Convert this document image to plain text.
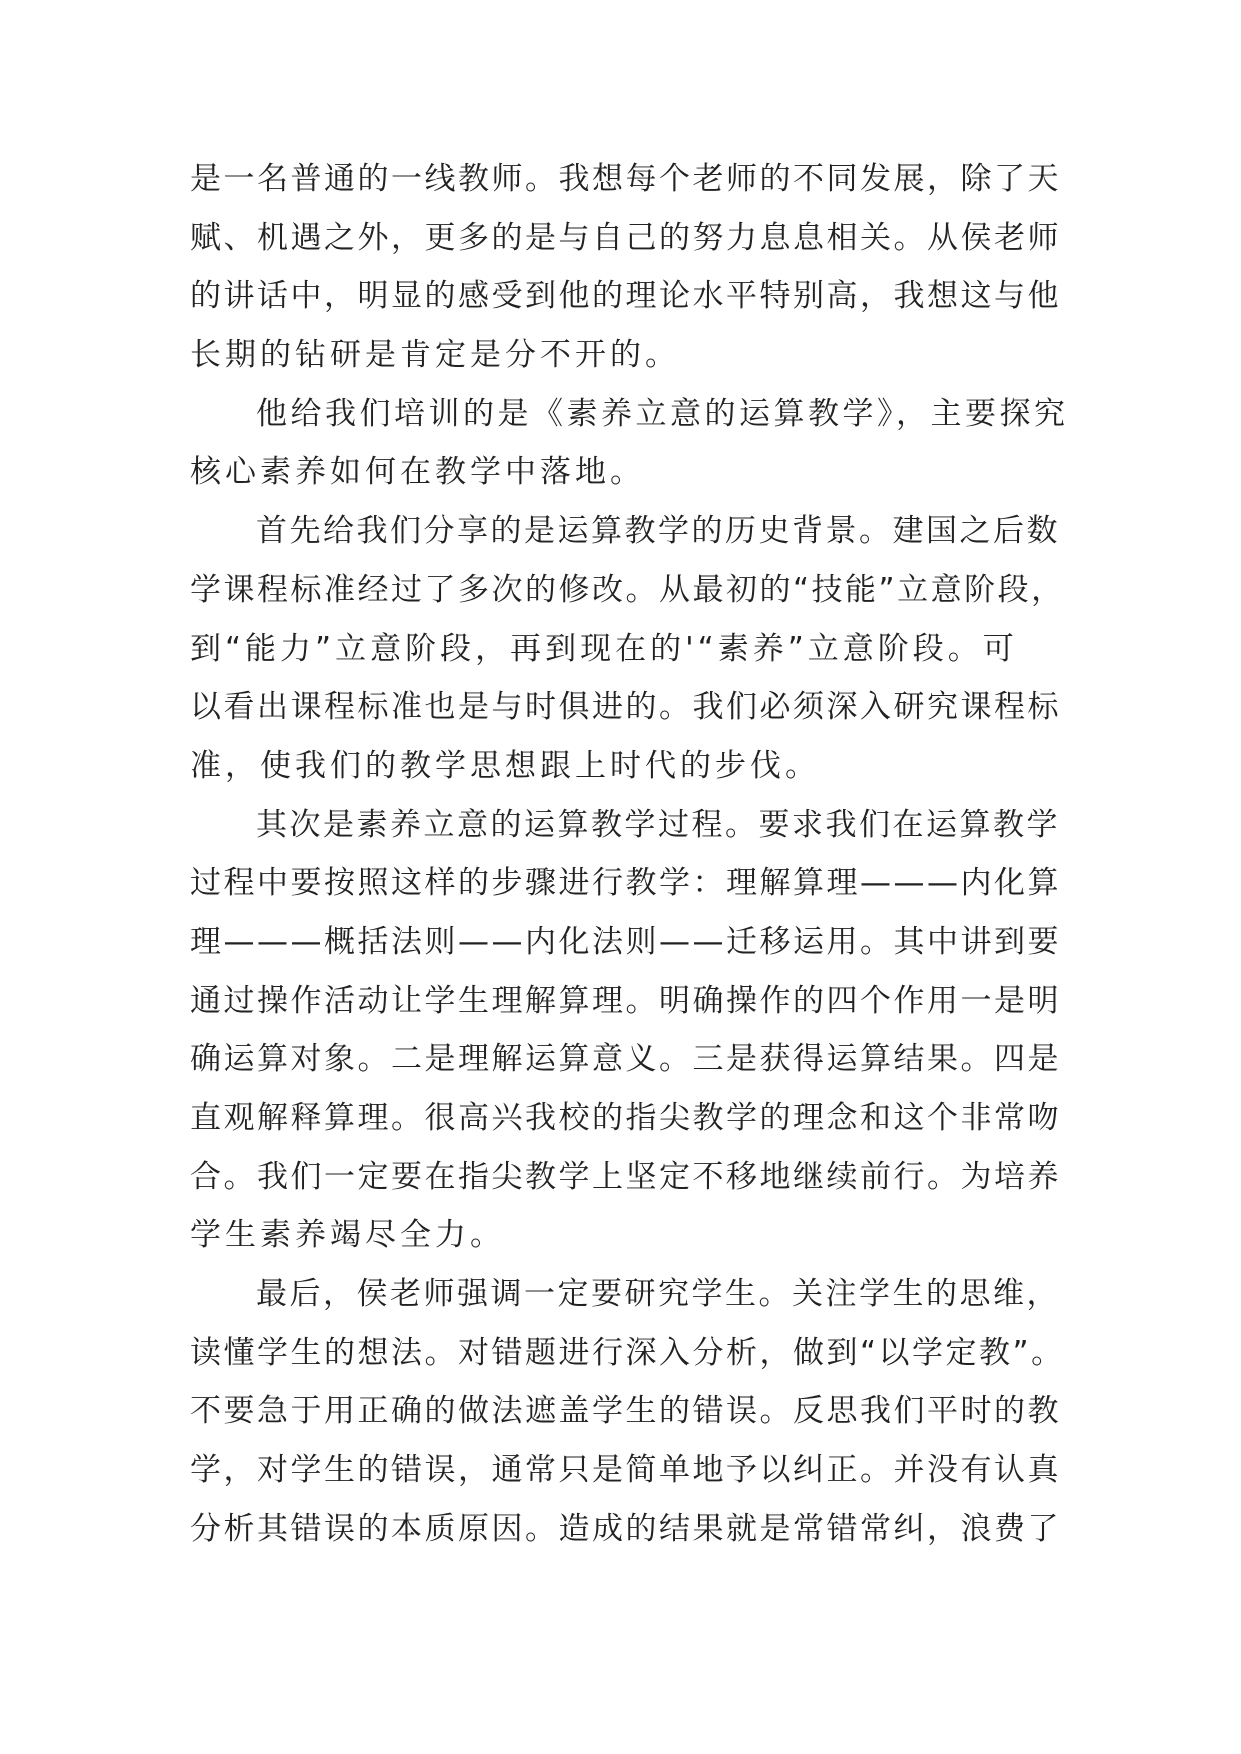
是一名普通的一线教师。我想每个老师的不同发展，除了天
赋、机遇之外，更多的是与自己的努力息息相关。从侯老师
的讲话中，明显的感受到他的理论水平特别高，我想这与他
长期的钻研是肯定是分不开的。
他给我们培训的是《素养立意的运算教学》，主要探究
核心素养如何在教学中落地。
首先给我们分享的是运算教学的历史背景。建国之后数
学课程标准经过了多次的修改。从最初的“技能”立意阶段，
到“能力”立意阶段，再到现在的'“素养”立意阶段。可
以看出课程标准也是与时俱进的。我们必须深入研究课程标
准，使我们的教学思想跟上时代的步伐。
其次是素养立意的运算教学过程。要求我们在运算教学
过程中要按照这样的步骤进行教学：理解算理———内化算
理———概括法则——内化法则——迁移运用。其中讲到要
通过操作活动让学生理解算理。明确操作的四个作用一是明
确运算对象。二是理解运算意义。三是获得运算结果。四是
直观解释算理。很高兴我校的指尖教学的理念和这个非常吻
合。我们一定要在指尖教学上坚定不移地继续前行。为培养
学生素养竭尽全力。
最后，侯老师强调一定要研究学生。关注学生的思维，
读懂学生的想法。对错题进行深入分析，做到“以学定教”。
不要急于用正确的做法遮盖学生的错误。反思我们平时的教
学，对学生的错误，通常只是简单地予以纠正。并没有认真
分析其错误的本质原因。造成的结果就是常错常纠，浪费了
